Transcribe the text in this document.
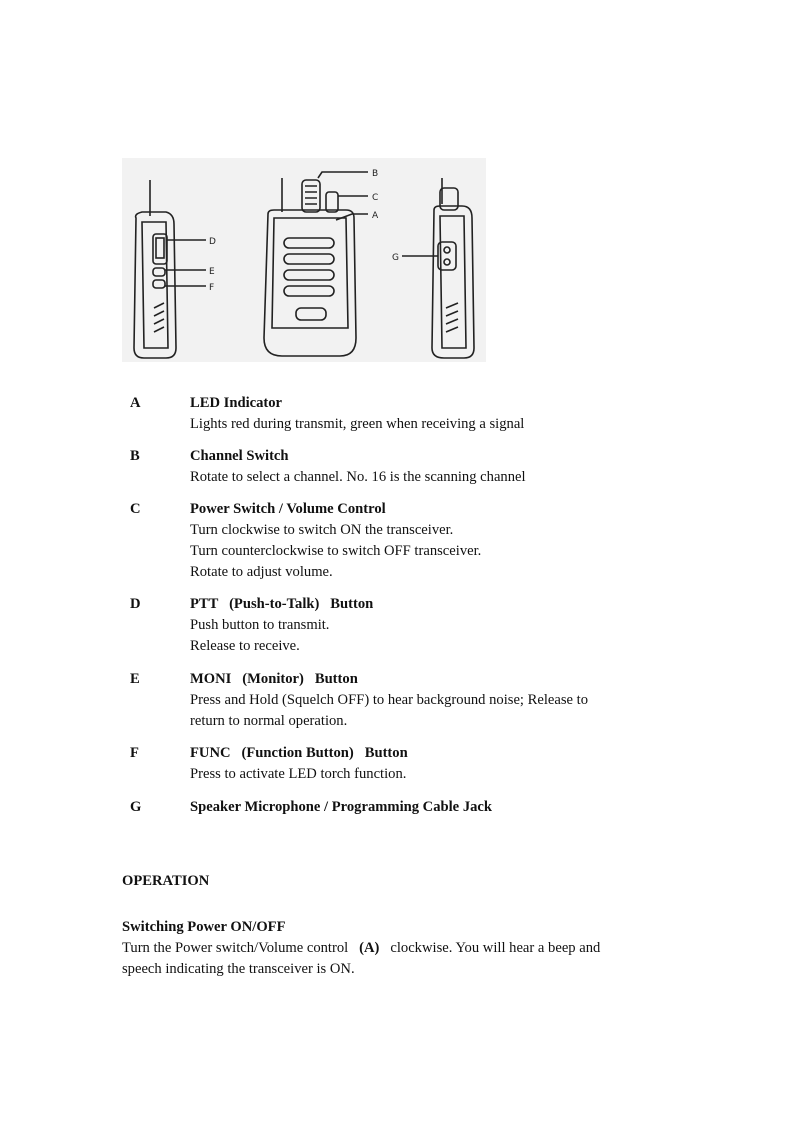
B
C
A
D
E
F
G
A	LED Indicator
Lights red during transmit, green when receiving a signal
B	Channel Switch
Rotate to select a channel. No. 16 is the scanning channel
C	Power Switch / Volume Control
Turn clockwise to switch ON the transceiver.
Turn counterclockwise to switch OFF transceiver.
Rotate to adjust volume.
D	PTT   (Push-to-Talk)   Button
Push button to transmit.
Release to receive.
E	MONI   (Monitor)   Button
Press and Hold (Squelch OFF) to hear background noise; Release to
return to normal operation.
F	FUNC   (Function Button)   Button
Press to activate LED torch function.
G	Speaker Microphone / Programming Cable Jack
OPERATION
Switching Power ON/OFF
Turn the Power switch/Volume control (A) clockwise. You will hear a beep and
speech indicating the transceiver is ON.
